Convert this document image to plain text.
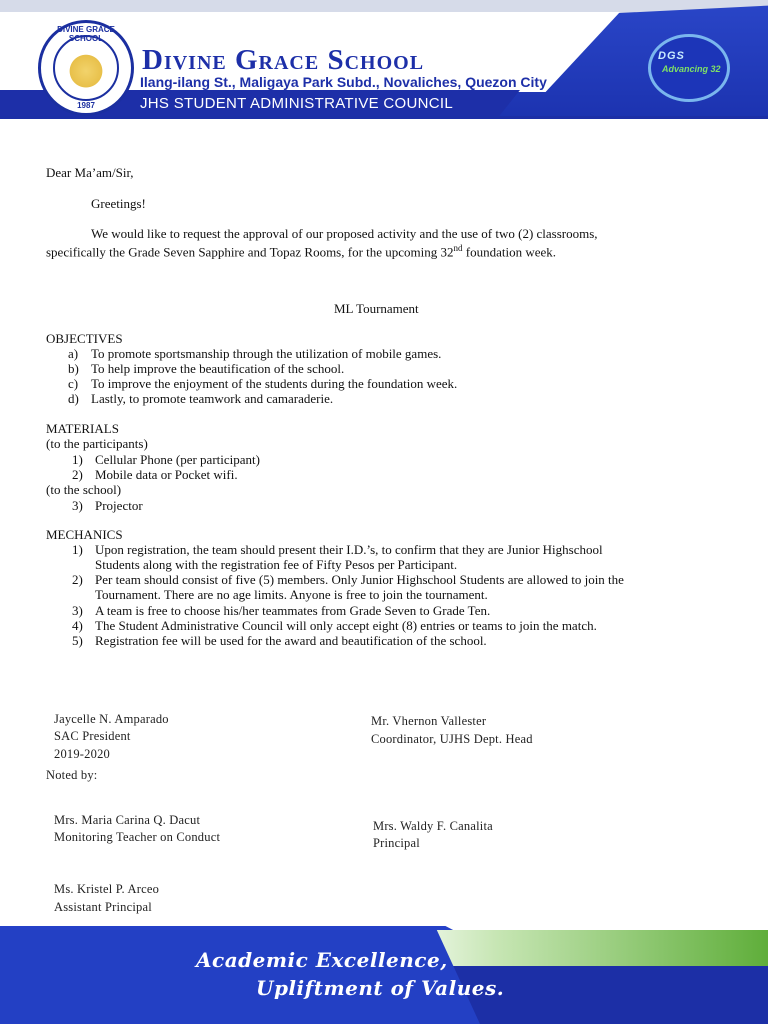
DIVINE GRACE SCHOOL
1987
Divine Grace School
Ilang-ilang St., Maligaya Park Subd., Novaliches, Quezon City
JHS STUDENT ADMINISTRATIVE COUNCIL
DGS
Advancing 32
Dear Ma’am/Sir,
Greetings!
We would like to request the approval of our proposed activity and the use of two (2) classrooms,
specifically the Grade Seven Sapphire and Topaz Rooms, for the upcoming 32nd foundation week.
ML Tournament
OBJECTIVES
a) To promote sportsmanship through the utilization of mobile games.
b) To help improve the beautification of the school.
c) To improve the enjoyment of the students during the foundation week.
d) Lastly, to promote teamwork and camaraderie.
MATERIALS
(to the participants)
1) Cellular Phone (per participant)
2) Mobile data or Pocket wifi.
(to the school)
3) Projector
MECHANICS
1) Upon registration, the team should present their I.D.’s, to confirm that they are Junior Highschool
Students along with the registration fee of Fifty Pesos per Participant.
2) Per team should consist of five (5) members. Only Junior Highschool Students are allowed to join the
Tournament. There are no age limits. Anyone is free to join the tournament.
3) A team is free to choose his/her teammates from Grade Seven to Grade Ten.
4) The Student Administrative Council will only accept eight (8) entries or teams to join the match.
5) Registration fee will be used for the award and beautification of the school.
Jaycelle N. Amparado
SAC President
2019-2020
Mr. Vhernon Vallester
Coordinator, UJHS Dept. Head
Noted by:
Mrs. Maria Carina Q. Dacut
Monitoring Teacher on Conduct
Mrs. Waldy F. Canalita
Principal
Ms. Kristel P. Arceo
Assistant Principal
Academic Excellence,
Upliftment of Values.
